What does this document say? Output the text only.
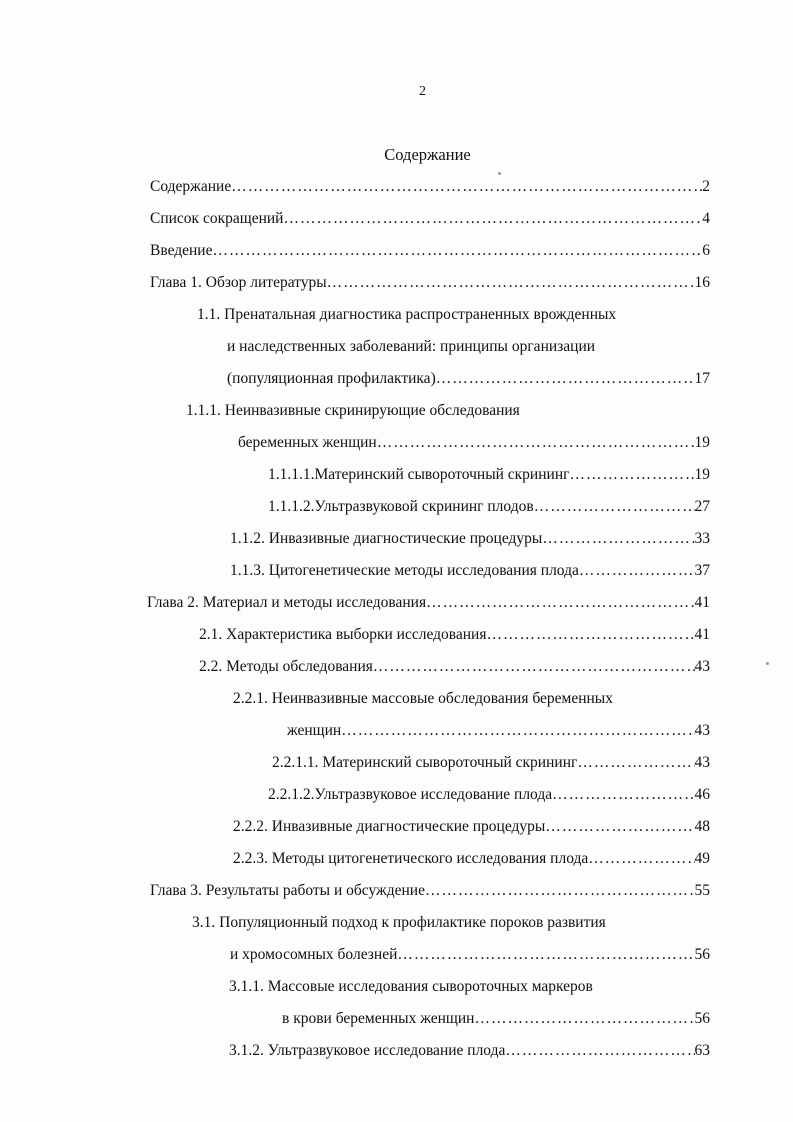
2
Содержание
Содержание ……………………………………………………………………………………………………………………	2
Список сокращений ……………………………………………………………………………………………………………………	4
Введение ……………………………………………………………………………………………………………………	6
Глава 1. Обзор литературы ……………………………………………………………………………………………………………………	16
1.1. Пренатальная диагностика распространенных врожденных
и наследственных заболеваний: принципы организации
(популяционная профилактика) ……………………………………………………………………………………………………………………	17
1.1.1. Неинвазивные скринирующие обследования
беременных женщин ……………………………………………………………………………………………………………………	19
1.1.1.1.Материнский сывороточный скрининг ……………………………………………………………………………………………………………………	19
1.1.1.2.Ультразвуковой скрининг плодов ……………………………………………………………………………………………………………………	27
1.1.2. Инвазивные диагностические процедуры ……………………………………………………………………………………………………………………	33
1.1.3. Цитогенетические методы исследования плода ……………………………………………………………………………………………………………………	37
Глава 2. Материал и методы исследования ……………………………………………………………………………………………………………………	41
2.1. Характеристика выборки исследования ……………………………………………………………………………………………………………………	41
2.2. Методы обследования ……………………………………………………………………………………………………………………	43
2.2.1. Неинвазивные массовые обследования беременных
женщин ……………………………………………………………………………………………………………………	43
2.2.1.1. Материнский сывороточный скрининг ……………………………………………………………………………………………………………………	43
2.2.1.2.Ультразвуковое исследование плода ……………………………………………………………………………………………………………………	46
2.2.2. Инвазивные диагностические процедуры ……………………………………………………………………………………………………………………	48
2.2.3. Методы цитогенетического исследования плода ……………………………………………………………………………………………………………………	49
Глава 3. Результаты работы и обсуждение ……………………………………………………………………………………………………………………	55
3.1. Популяционный подход к профилактике пороков развития
и хромосомных болезней ……………………………………………………………………………………………………………………	56
3.1.1. Массовые исследования сывороточных маркеров
в крови беременных женщин ……………………………………………………………………………………………………………………	56
3.1.2. Ультразвуковое исследование плода ……………………………………………………………………………………………………………………	63
